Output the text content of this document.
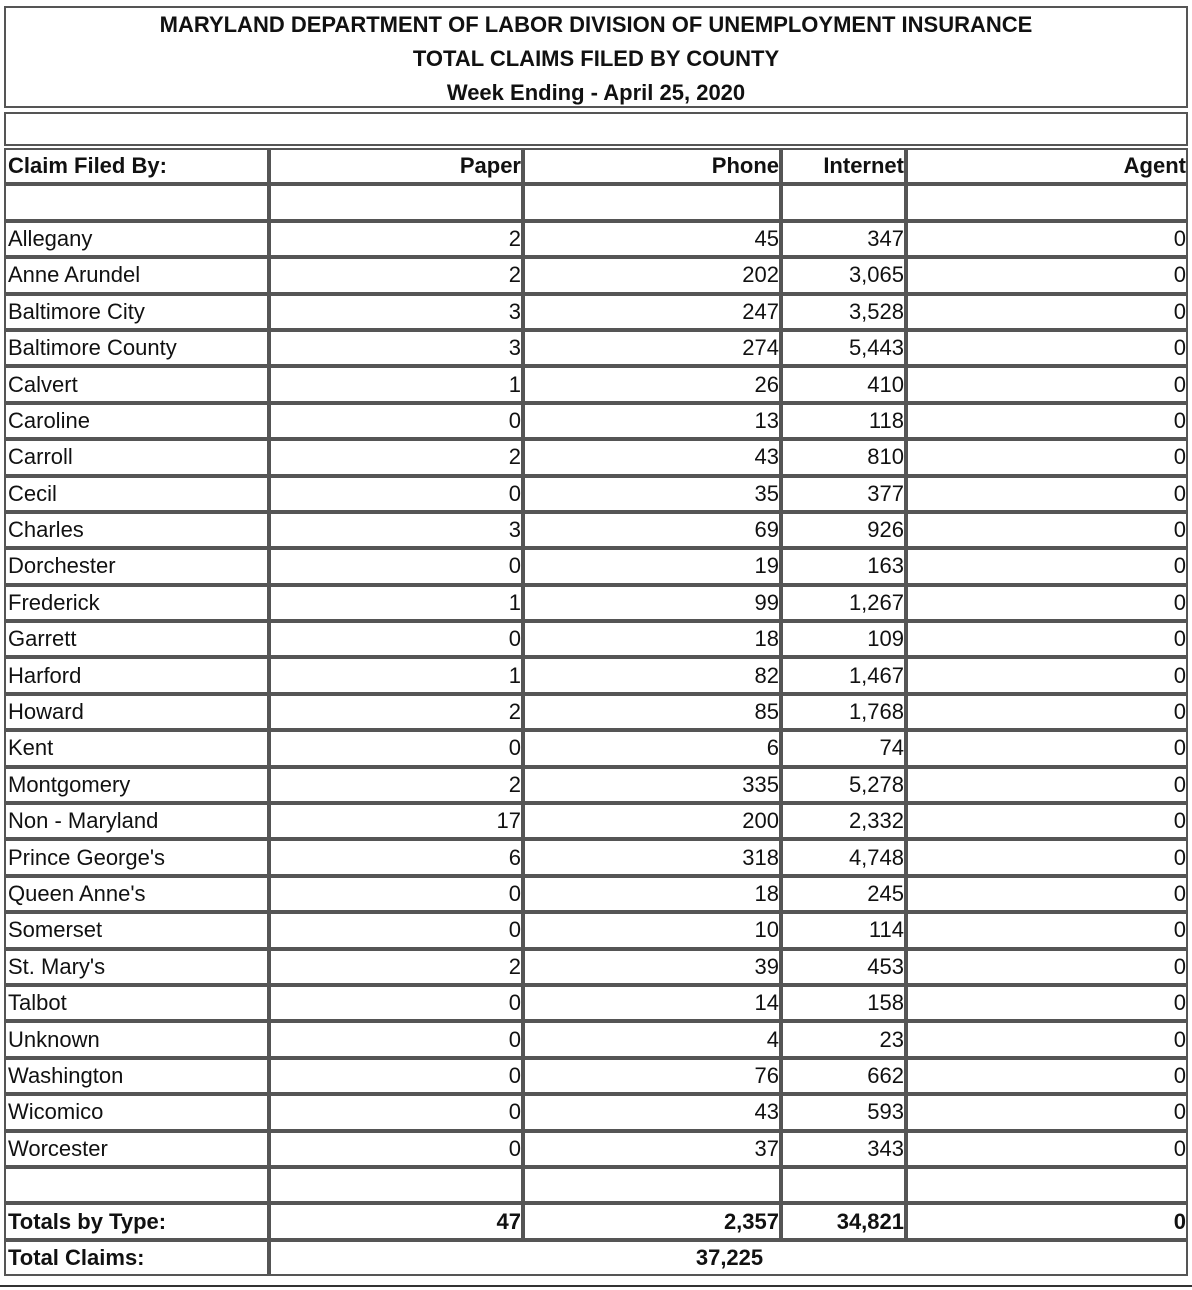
MARYLAND DEPARTMENT OF LABOR DIVISION OF UNEMPLOYMENT INSURANCE
TOTAL CLAIMS FILED BY COUNTY
Week Ending - April 25, 2020
Claim Filed By:	Paper	Phone	Internet	Agent

Allegany	2	45	347	0
Anne Arundel	2	202	3,065	0
Baltimore City	3	247	3,528	0
Baltimore County	3	274	5,443	0
Calvert	1	26	410	0
Caroline	0	13	118	0
Carroll	2	43	810	0
Cecil	0	35	377	0
Charles	3	69	926	0
Dorchester	0	19	163	0
Frederick	1	99	1,267	0
Garrett	0	18	109	0
Harford	1	82	1,467	0
Howard	2	85	1,768	0
Kent	0	6	74	0
Montgomery	2	335	5,278	0
Non - Maryland	17	200	2,332	0
Prince George's	6	318	4,748	0
Queen Anne's	0	18	245	0
Somerset	0	10	114	0
St. Mary's	2	39	453	0
Talbot	0	14	158	0
Unknown	0	4	23	0
Washington	0	76	662	0
Wicomico	0	43	593	0
Worcester	0	37	343	0

Totals by Type:	47	2,357	34,821	0
Total Claims:	37,225			
